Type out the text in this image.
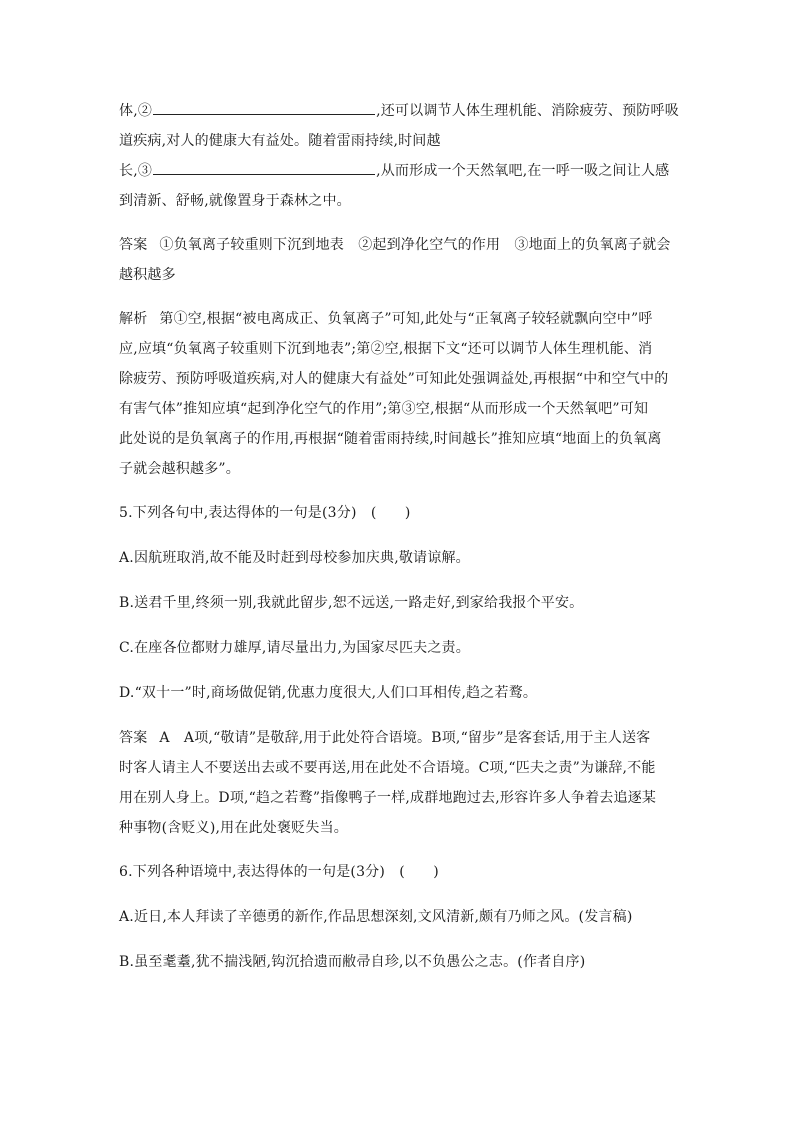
体,②	,还可以调节人体生理机能、消除疲劳、预防呼吸
道疾病,对人的健康大有益处。随着雷雨持续,时间越
长,③	,从而形成一个天然氧吧,在一呼一吸之间让人感
到清新、舒畅,就像置身于森林之中。
答案 ①负氧离子较重则下沉到地表　②起到净化空气的作用　③地面上的负氧离子就会
越积越多
解析 第①空,根据“被电离成正、负氧离子”可知,此处与“正氧离子较轻就飘向空中”呼
应,应填“负氧离子较重则下沉到地表”;第②空,根据下文“还可以调节人体生理机能、消
除疲劳、预防呼吸道疾病,对人的健康大有益处”可知此处强调益处,再根据“中和空气中的
有害气体”推知应填“起到净化空气的作用”;第③空,根据“从而形成一个天然氧吧”可知
此处说的是负氧离子的作用,再根据“随着雷雨持续,时间越长”推知应填“地面上的负氧离
子就会越积越多”。
5.下列各句中,表达得体的一句是(3分)　(　　)
A.因航班取消,故不能及时赶到母校参加庆典,敬请谅解。
B.送君千里,终须一别,我就此留步,恕不远送,一路走好,到家给我报个平安。
C.在座各位都财力雄厚,请尽量出力,为国家尽匹夫之责。
D.“双十一”时,商场做促销,优惠力度很大,人们口耳相传,趋之若鹜。
答案 A　A项,“敬请”是敬辞,用于此处符合语境。B项,“留步”是客套话,用于主人送客
时客人请主人不要送出去或不要再送,用在此处不合语境。C项,“匹夫之责”为谦辞,不能
用在别人身上。D项,“趋之若鹜”指像鸭子一样,成群地跑过去,形容许多人争着去追逐某
种事物(含贬义),用在此处褒贬失当。
6.下列各种语境中,表达得体的一句是(3分)　(　　)
A.近日,本人拜读了辛德勇的新作,作品思想深刻,文风清新,颇有乃师之风。(发言稿)
B.虽至耄耋,犹不揣浅陋,钩沉拾遗而敝帚自珍,以不负愚公之志。(作者自序)
